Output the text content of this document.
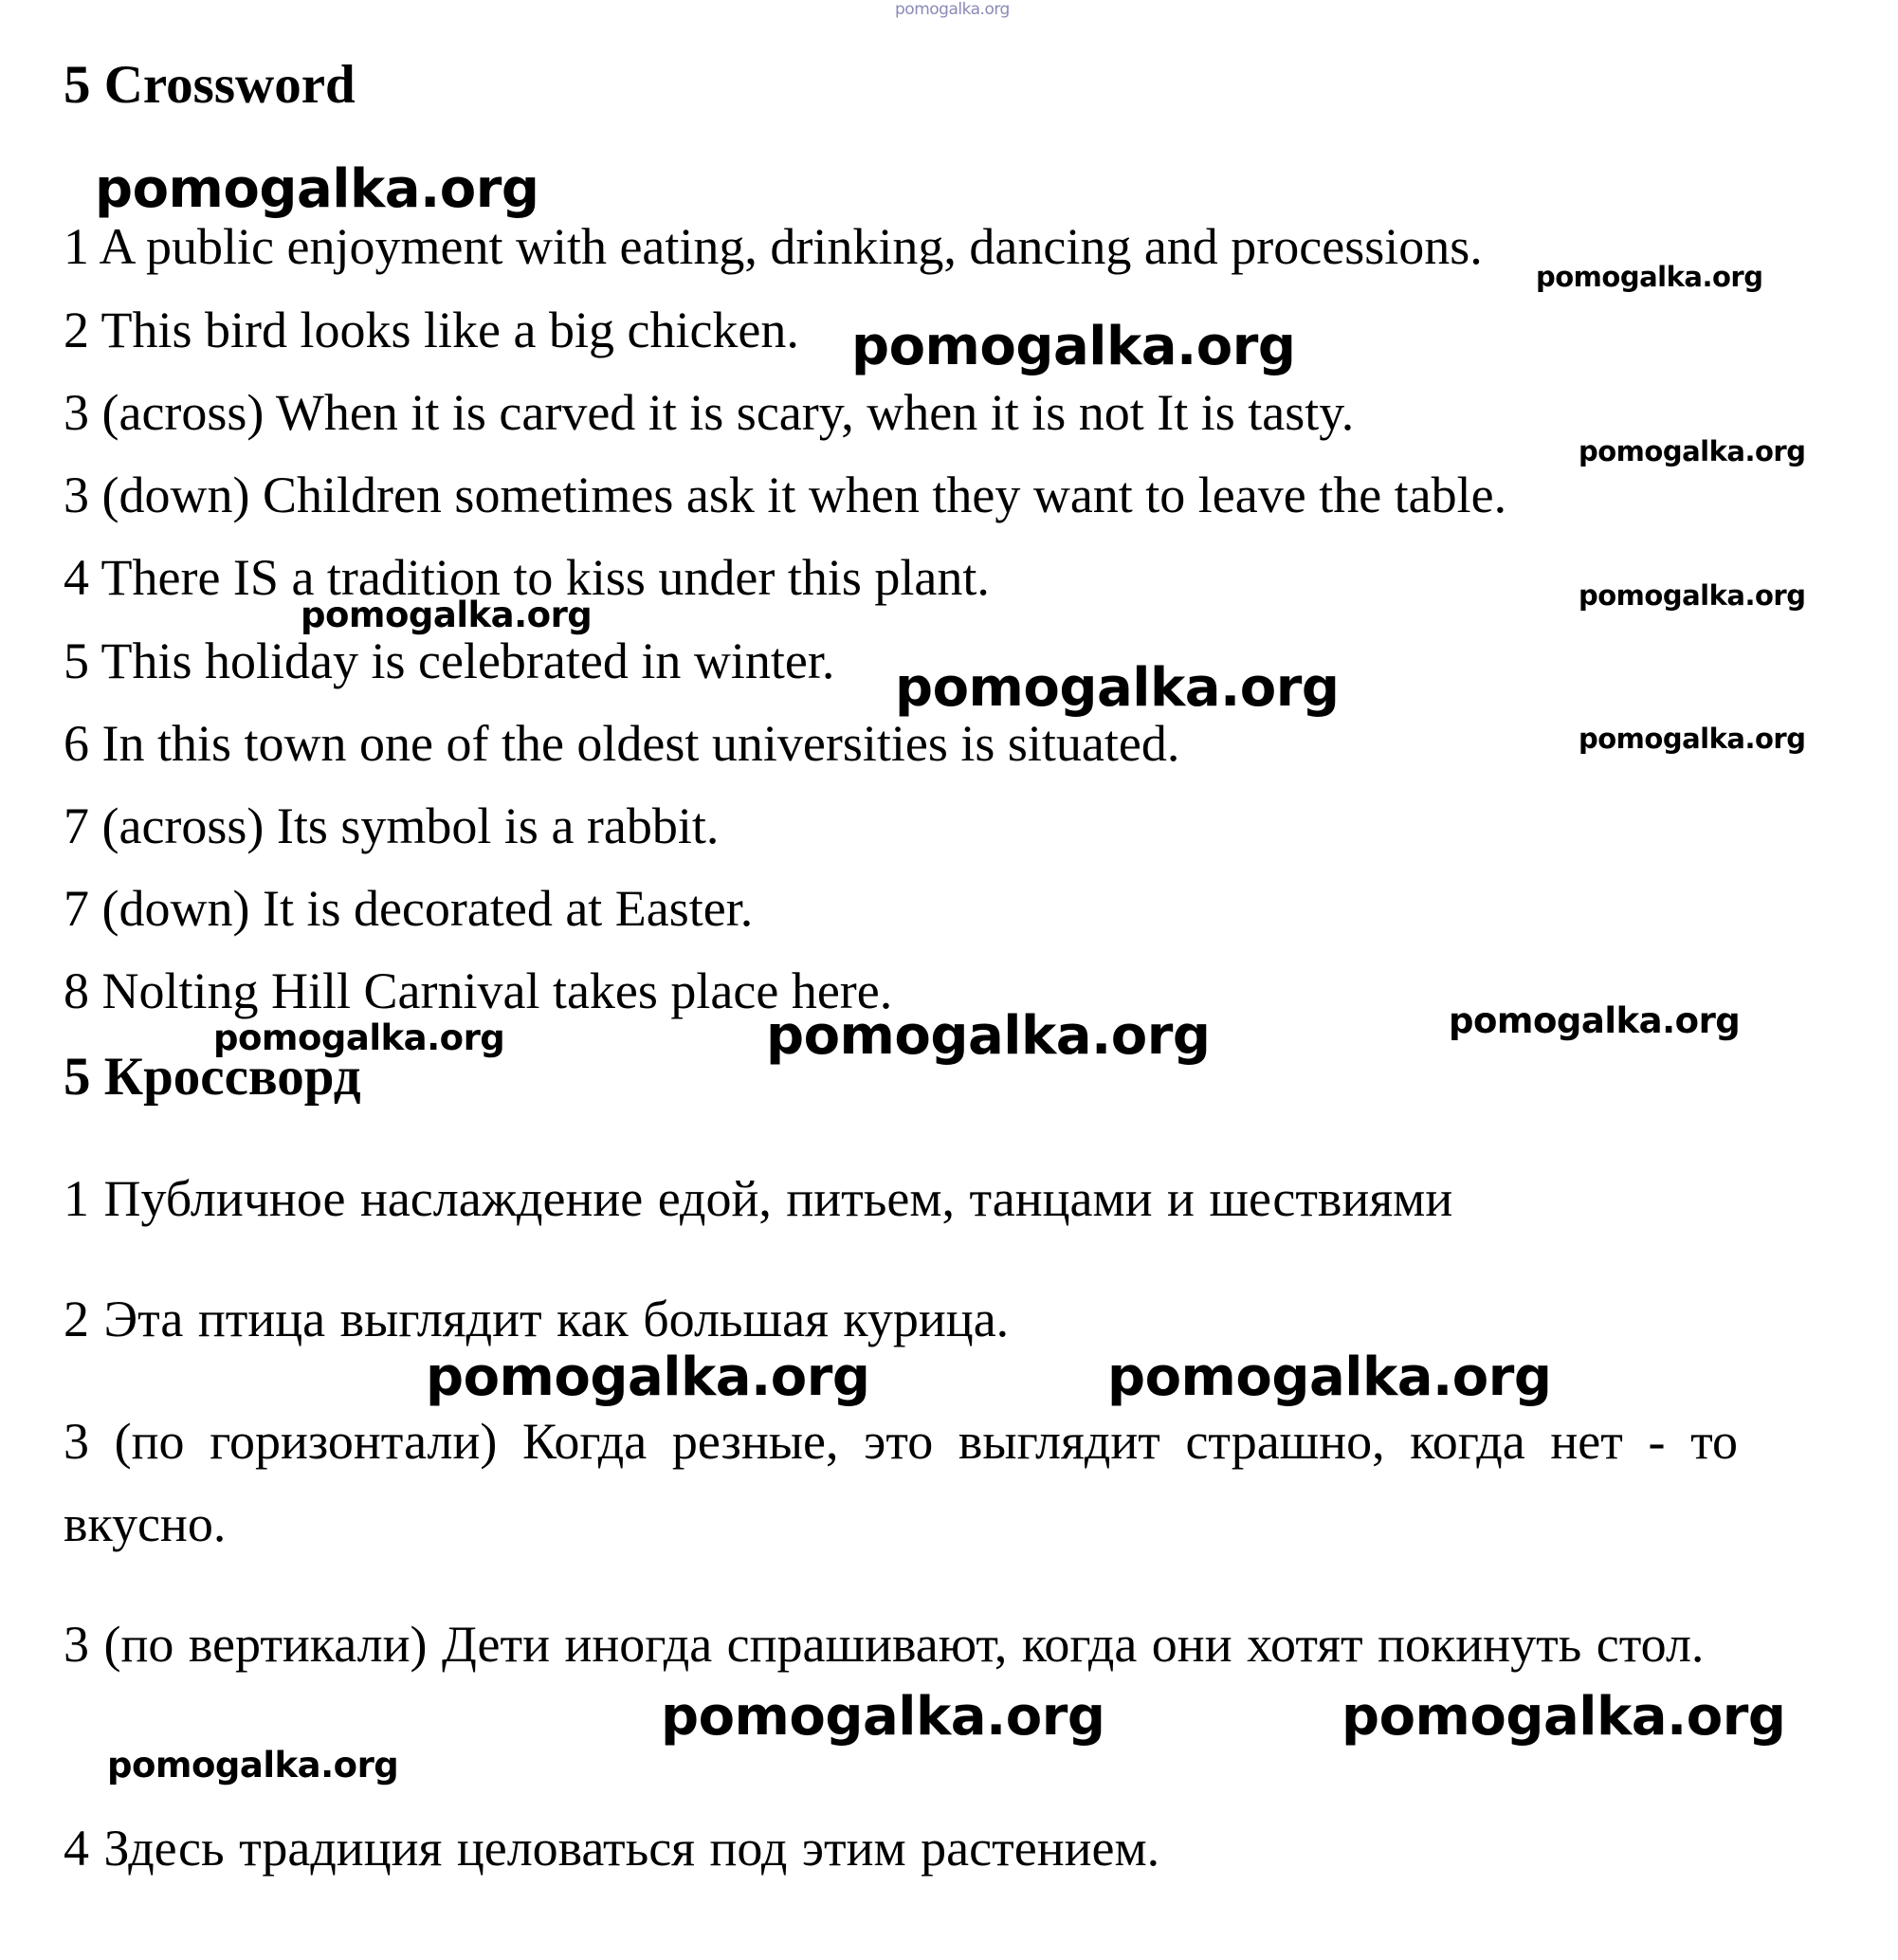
pomogalka.org
5 Crossword
1 A public enjoyment with eating, drinking, dancing and processions.
2 This bird looks like a big chicken.
3 (across) When it is carved it is scary, when it is not It is tasty.
3 (down) Children sometimes ask it when they want to leave the table.
4 There IS a tradition to kiss under this plant.
5 This holiday is celebrated in winter.
6 In this town one of the oldest universities is situated.
7 (across) Its symbol is a rabbit.
7 (down) It is decorated at Easter.
8 Nolting Hill Carnival takes place here.
5 Кроссворд
1 Публичное наслаждение едой, питьем, танцами и шествиями
2 Эта птица выглядит как большая курица.
3 (по горизонтали) Когда резные, это выглядит страшно, когда нет - то вкусно.
3 (по вертикали) Дети иногда спрашивают, когда они хотят покинуть стол.
4 Здесь традиция целоваться под этим растением.
pomogalka.org
pomogalka.org
pomogalka.org
pomogalka.org
pomogalka.org
pomogalka.org
pomogalka.org
pomogalka.org
pomogalka.org
pomogalka.org	pomogalka.org
pomogalka.org	pomogalka.org
pomogalka.org	pomogalka.org
pomogalka.org
